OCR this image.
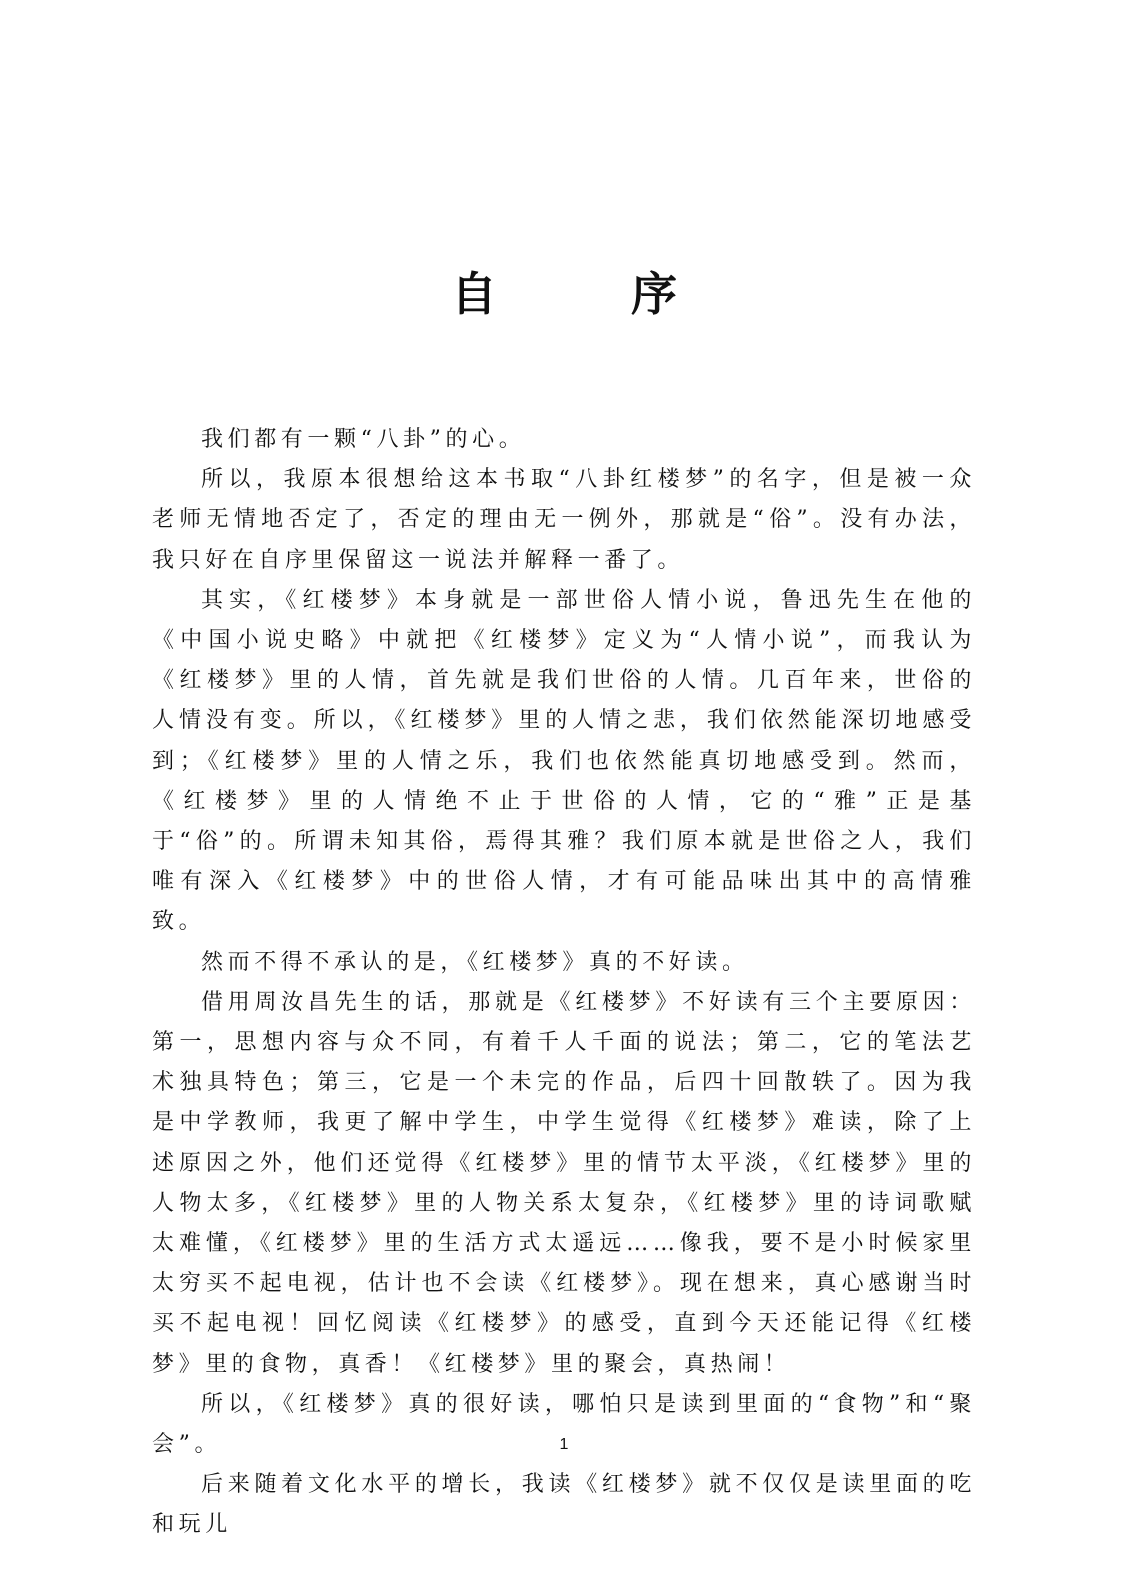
自　序

我们都有一颗“八卦”的心。

所以，我原本很想给这本书取“八卦红楼梦”的名字，但是被一众老师无情地否定了，否定的理由无一例外，那就是“俗”。没有办法，我只好在自序里保留这一说法并解释一番了。

其实，《红楼梦》本身就是一部世俗人情小说，鲁迅先生在他的《中国小说史略》中就把《红楼梦》定义为“人情小说”，而我认为《红楼梦》里的人情，首先就是我们世俗的人情。几百年来，世俗的人情没有变。所以，《红楼梦》里的人情之悲，我们依然能深切地感受到；《红楼梦》里的人情之乐，我们也依然能真切地感受到。然而，《红楼梦》里的人情绝不止于世俗的人情，它的“雅”正是基于“俗”的。所谓未知其俗，焉得其雅？我们原本就是世俗之人，我们唯有深入《红楼梦》中的世俗人情，才有可能品味出其中的高情雅致。

然而不得不承认的是，《红楼梦》真的不好读。

借用周汝昌先生的话，那就是《红楼梦》不好读有三个主要原因：第一，思想内容与众不同，有着千人千面的说法；第二，它的笔法艺术独具特色；第三，它是一个未完的作品，后四十回散轶了。因为我是中学教师，我更了解中学生，中学生觉得《红楼梦》难读，除了上述原因之外，他们还觉得《红楼梦》里的情节太平淡，《红楼梦》里的人物太多，《红楼梦》里的人物关系太复杂，《红楼梦》里的诗词歌赋太难懂，《红楼梦》里的生活方式太遥远……像我，要不是小时候家里太穷买不起电视，估计也不会读《红楼梦》。现在想来，真心感谢当时买不起电视！回忆阅读《红楼梦》的感受，直到今天还能记得《红楼梦》里的食物，真香！《红楼梦》里的聚会，真热闹！

所以，《红楼梦》真的很好读，哪怕只是读到里面的“食物”和“聚会”。

后来随着文化水平的增长，我读《红楼梦》就不仅仅是读里面的吃和玩儿

1
